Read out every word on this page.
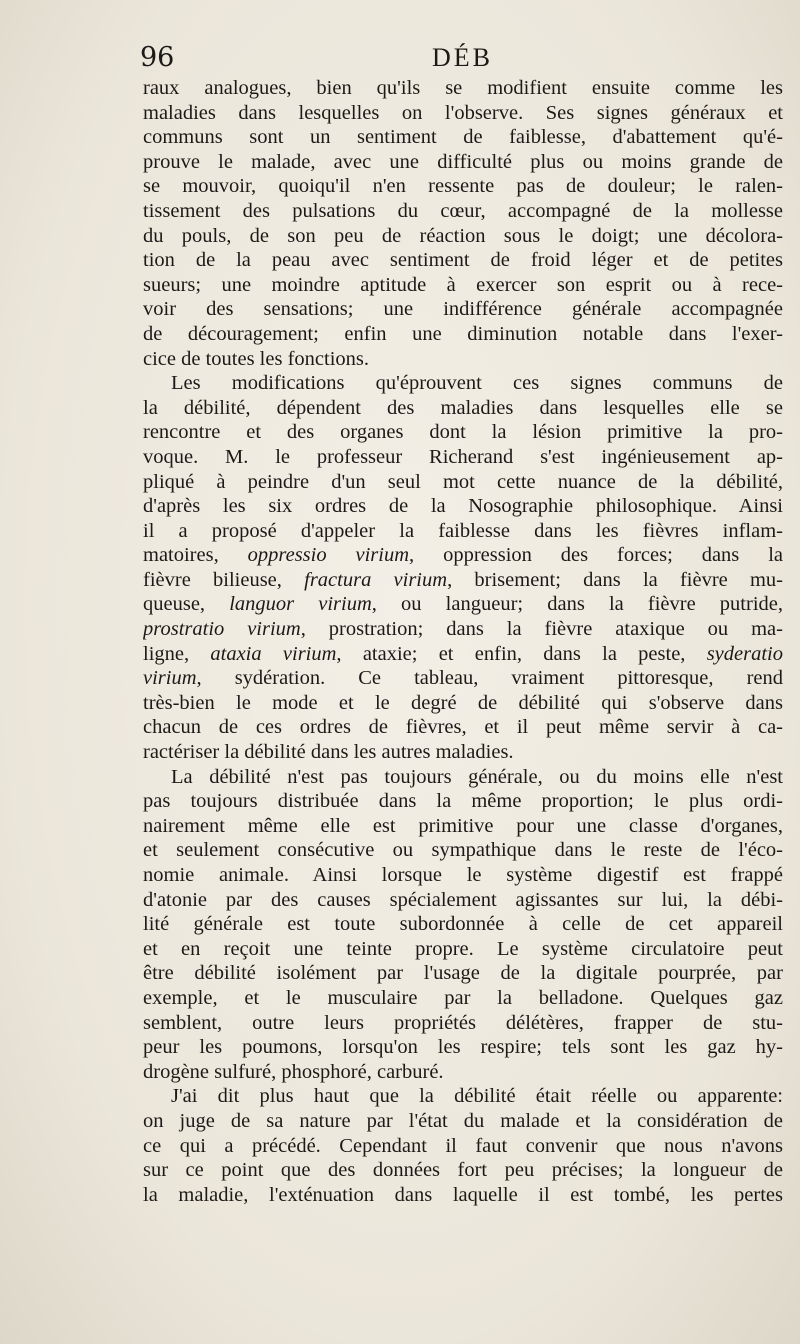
96	DÉB
raux analogues, bien qu'ils se modifient ensuite comme les
maladies dans lesquelles on l'observe. Ses signes généraux et
communs sont un sentiment de faiblesse, d'abattement qu'é-
prouve le malade, avec une difficulté plus ou moins grande de
se mouvoir, quoiqu'il n'en ressente pas de douleur; le ralen-
tissement des pulsations du cœur, accompagné de la mollesse
du pouls, de son peu de réaction sous le doigt; une décolora-
tion de la peau avec sentiment de froid léger et de petites
sueurs; une moindre aptitude à exercer son esprit ou à rece-
voir des sensations; une indifférence générale accompagnée
de découragement; enfin une diminution notable dans l'exer-
cice de toutes les fonctions.
Les modifications qu'éprouvent ces signes communs de
la débilité, dépendent des maladies dans lesquelles elle se
rencontre et des organes dont la lésion primitive la pro-
voque. M. le professeur Richerand s'est ingénieusement ap-
pliqué à peindre d'un seul mot cette nuance de la débilité,
d'après les six ordres de la Nosographie philosophique. Ainsi
il a proposé d'appeler la faiblesse dans les fièvres inflam-
matoires, oppressio virium, oppression des forces; dans la
fièvre bilieuse, fractura virium, brisement; dans la fièvre mu-
queuse, languor virium, ou langueur; dans la fièvre putride,
prostratio virium, prostration; dans la fièvre ataxique ou ma-
ligne, ataxia virium, ataxie; et enfin, dans la peste, syderatio
virium, sydération. Ce tableau, vraiment pittoresque, rend
très-bien le mode et le degré de débilité qui s'observe dans
chacun de ces ordres de fièvres, et il peut même servir à ca-
ractériser la débilité dans les autres maladies.
La débilité n'est pas toujours générale, ou du moins elle n'est
pas toujours distribuée dans la même proportion; le plus ordi-
nairement même elle est primitive pour une classe d'organes,
et seulement consécutive ou sympathique dans le reste de l'éco-
nomie animale. Ainsi lorsque le système digestif est frappé
d'atonie par des causes spécialement agissantes sur lui, la débi-
lité générale est toute subordonnée à celle de cet appareil
et en reçoit une teinte propre. Le système circulatoire peut
être débilité isolément par l'usage de la digitale pourprée, par
exemple, et le musculaire par la belladone. Quelques gaz
semblent, outre leurs propriétés délétères, frapper de stu-
peur les poumons, lorsqu'on les respire; tels sont les gaz hy-
drogène sulfuré, phosphoré, carburé.
J'ai dit plus haut que la débilité était réelle ou apparente:
on juge de sa nature par l'état du malade et la considération de
ce qui a précédé. Cependant il faut convenir que nous n'avons
sur ce point que des données fort peu précises; la longueur de
la maladie, l'exténuation dans laquelle il est tombé, les pertes
